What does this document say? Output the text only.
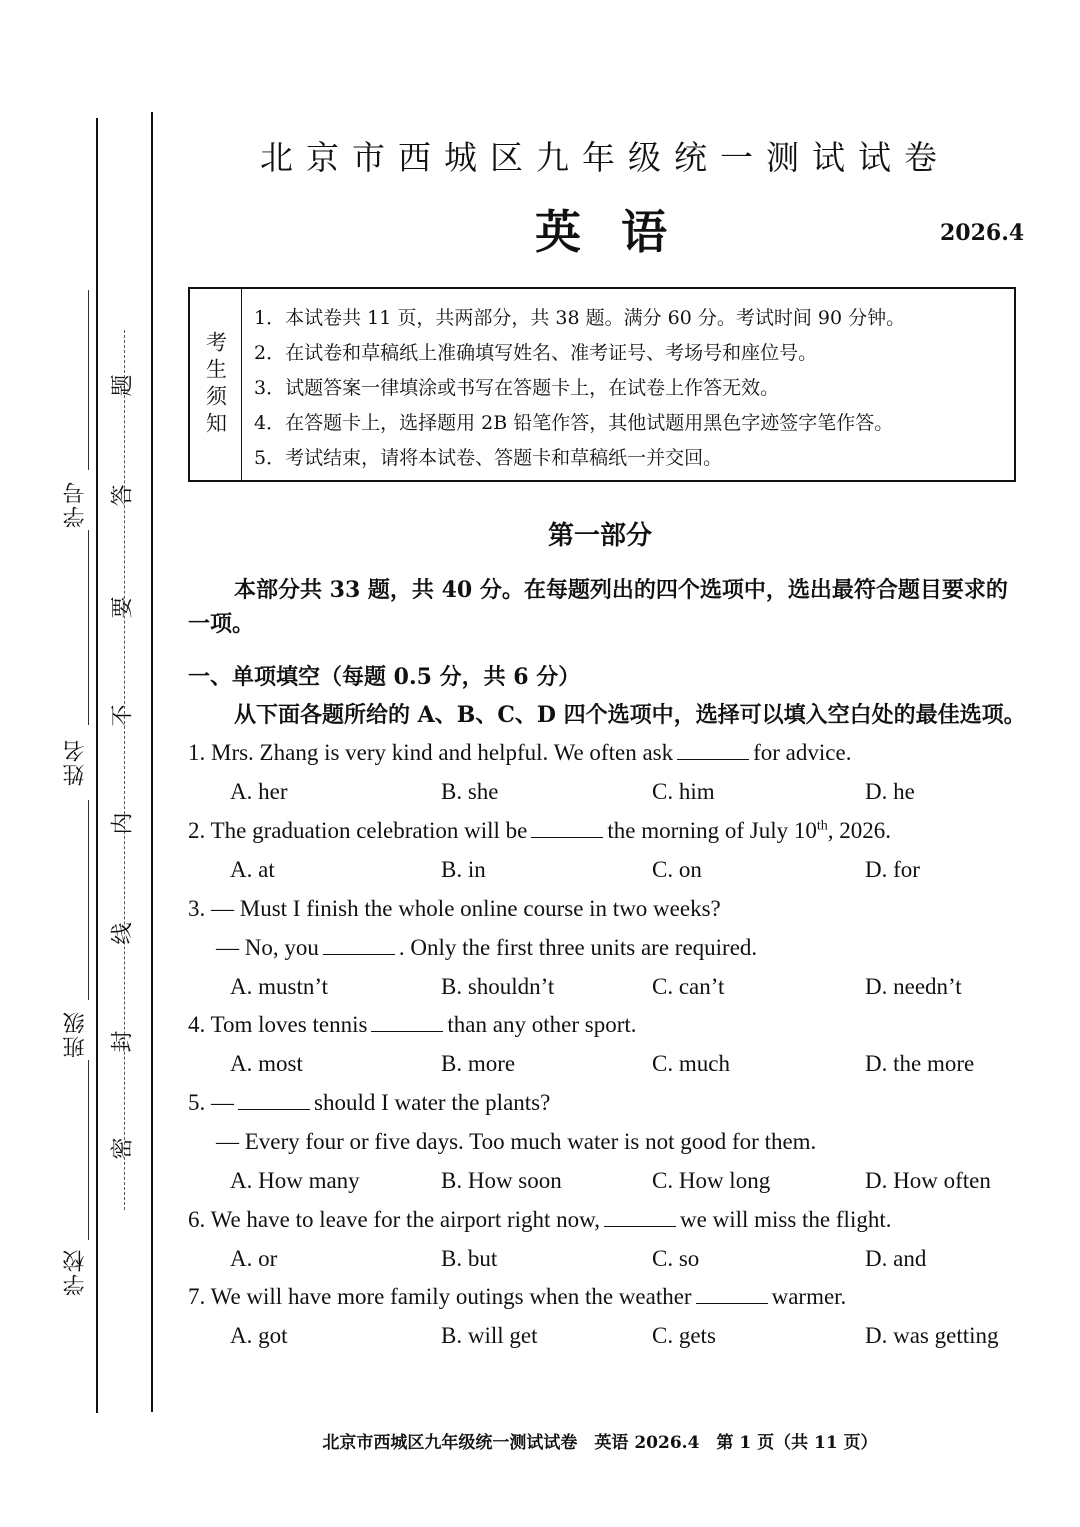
学校
班级
姓名
学号
密
封
线
内
不
要
答
题
北京市西城区九年级统一测试试卷
英语	2026.4
考生须知
1．本试卷共 11 页，共两部分，共 38 题。满分 60 分。考试时间 90 分钟。
2．在试卷和草稿纸上准确填写姓名、准考证号、考场号和座位号。
3．试题答案一律填涂或书写在答题卡上，在试卷上作答无效。
4．在答题卡上，选择题用 2B 铅笔作答，其他试题用黑色字迹签字笔作答。
5．考试结束，请将本试卷、答题卡和草稿纸一并交回。
第一部分
本部分共 33 题，共 40 分。在每题列出的四个选项中，选出最符合题目要求的一项。
一、单项填空（每题 0.5 分，共 6 分）
从下面各题所给的 A、B、C、D 四个选项中，选择可以填入空白处的最佳选项。
1. Mrs. Zhang is very kind and helpful. We often ask	for advice.
A. her	B. she	C. him	D. he
2. The graduation celebration will be	the morning of July 10th, 2026.
A. at	B. in	C. on	D. for
3. — Must I finish the whole online course in two weeks?
— No, you	. Only the first three units are required.
A. mustn’t	B. shouldn’t	C. can’t	D. needn’t
4. Tom loves tennis	than any other sport.
A. most	B. more	C. much	D. the more
5. —	should I water the plants?
— Every four or five days. Too much water is not good for them.
A. How many	B. How soon	C. How long	D. How often
6. We have to leave for the airport right now,	we will miss the flight.
A. or	B. but	C. so	D. and
7. We will have more family outings when the weather	warmer.
A. got	B. will get	C. gets	D. was getting
北京市西城区九年级统一测试试卷　英语 2026.4　第 1 页（共 11 页）
